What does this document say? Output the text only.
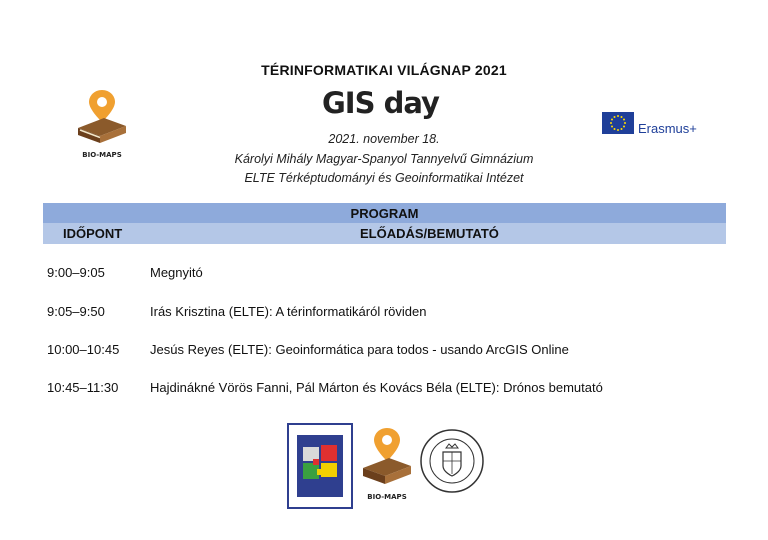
TÉRINFORMATIKAI VILÁGNAP 2021
GIS day
2021. november 18.
Károlyi Mihály Magyar-Spanyol Tannyelvű Gimnázium
ELTE Térképtudományi és Geoinformatikai Intézet
BIO-MAPS
Erasmus+
PROGRAM
IDŐPONT	ELŐADÁS/BEMUTATÓ
9:00–9:05	Megnyitó
9:05–9:50	Irás Krisztina (ELTE): A térinformatikáról röviden
10:00–10:45 Jesús Reyes (ELTE): Geoinformática para todos - usando ArcGIS Online
10:45–11:30 Hajdinákné Vörös Fanni, Pál Márton és Kovács Béla (ELTE): Drónos bemutató
BIO-MAPS
